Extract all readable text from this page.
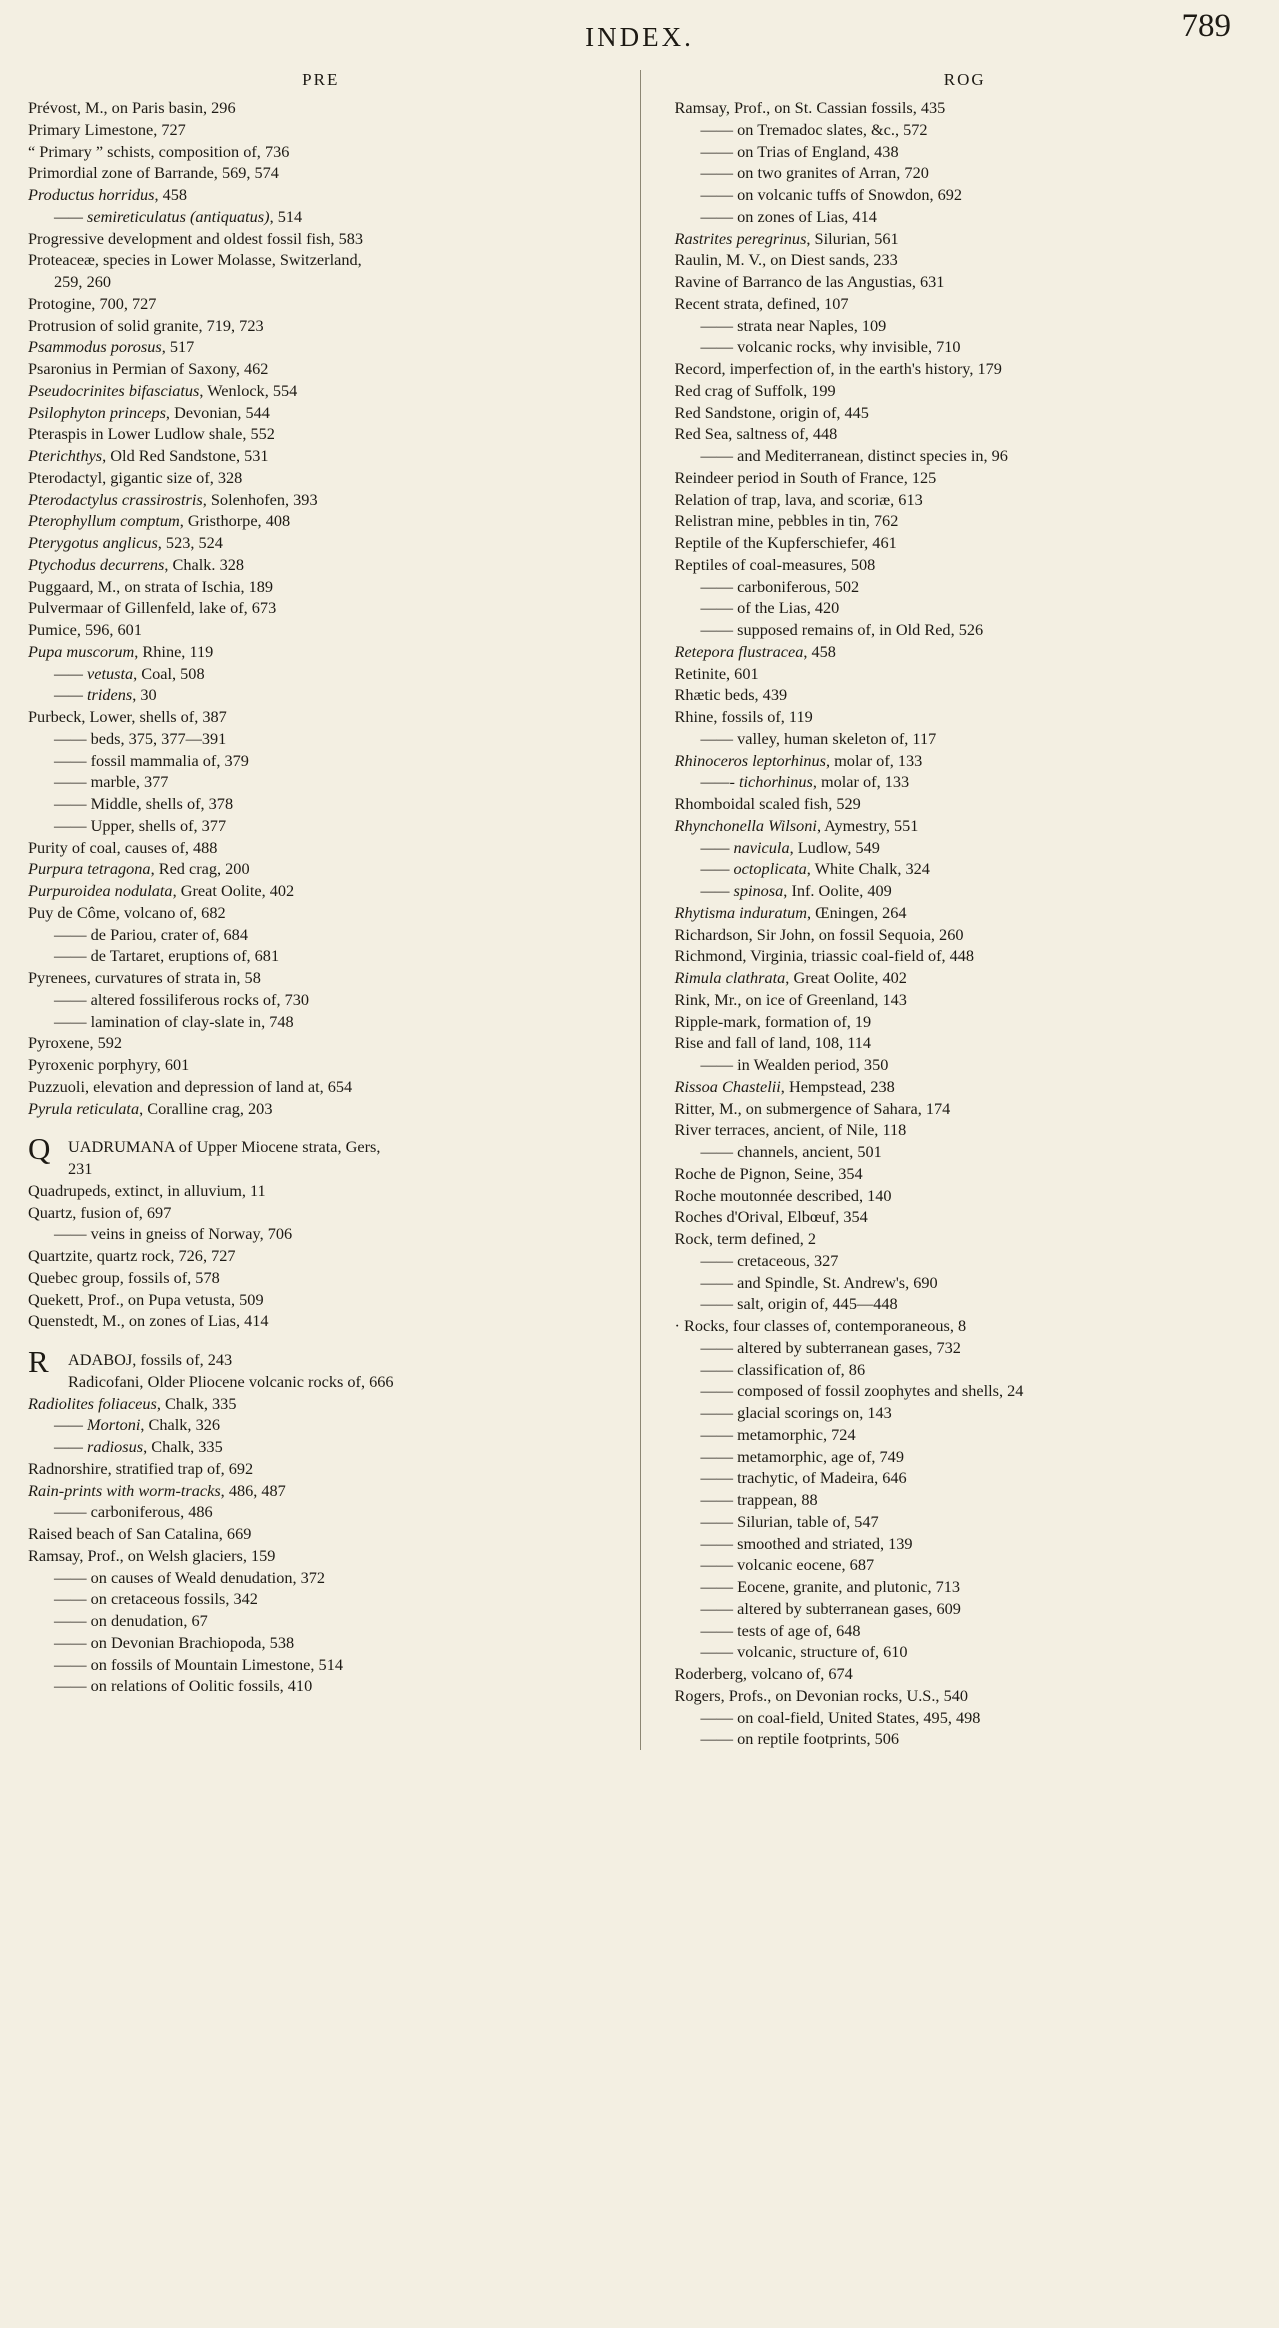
INDEX.	789
PRE
Prévost, M., on Paris basin, 296
Primary Limestone, 727
“ Primary ” schists, composition of, 736
Primordial zone of Barrande, 569, 574
Productus horridus, 458
—— semireticulatus (antiquatus), 514
Progressive development and oldest fossil fish, 583
Proteaceæ, species in Lower Molasse, Switzerland,
259, 260
Protogine, 700, 727
Protrusion of solid granite, 719, 723
Psammodus porosus, 517
Psaronius in Permian of Saxony, 462
Pseudocrinites bifasciatus, Wenlock, 554
Psilophyton princeps, Devonian, 544
Pteraspis in Lower Ludlow shale, 552
Pterichthys, Old Red Sandstone, 531
Pterodactyl, gigantic size of, 328
Pterodactylus crassirostris, Solenhofen, 393
Pterophyllum comptum, Gristhorpe, 408
Pterygotus anglicus, 523, 524
Ptychodus decurrens, Chalk. 328
Puggaard, M., on strata of Ischia, 189
Pulvermaar of Gillenfeld, lake of, 673
Pumice, 596, 601
Pupa muscorum, Rhine, 119
—— vetusta, Coal, 508
—— tridens, 30
Purbeck, Lower, shells of, 387
—— beds, 375, 377—391
—— fossil mammalia of, 379
—— marble, 377
—— Middle, shells of, 378
—— Upper, shells of, 377
Purity of coal, causes of, 488
Purpura tetragona, Red crag, 200
Purpuroidea nodulata, Great Oolite, 402
Puy de Côme, volcano of, 682
—— de Pariou, crater of, 684
—— de Tartaret, eruptions of, 681
Pyrenees, curvatures of strata in, 58
—— altered fossiliferous rocks of, 730
—— lamination of clay-slate in, 748
Pyroxene, 592
Pyroxenic porphyry, 601
Puzzuoli, elevation and depression of land at, 654
Pyrula reticulata, Coralline crag, 203
Q UADRUMANA of Upper Miocene strata, Gers,
231
Quadrupeds, extinct, in alluvium, 11
Quartz, fusion of, 697
—— veins in gneiss of Norway, 706
Quartzite, quartz rock, 726, 727
Quebec group, fossils of, 578
Quekett, Prof., on Pupa vetusta, 509
Quenstedt, M., on zones of Lias, 414
R ADABOJ, fossils of, 243
Radicofani, Older Pliocene volcanic rocks of, 666
Radiolites foliaceus, Chalk, 335
—— Mortoni, Chalk, 326
—— radiosus, Chalk, 335
Radnorshire, stratified trap of, 692
Rain-prints with worm-tracks, 486, 487
—— carboniferous, 486
Raised beach of San Catalina, 669
Ramsay, Prof., on Welsh glaciers, 159
—— on causes of Weald denudation, 372
—— on cretaceous fossils, 342
—— on denudation, 67
—— on Devonian Brachiopoda, 538
—— on fossils of Mountain Limestone, 514
—— on relations of Oolitic fossils, 410
ROG
Ramsay, Prof., on St. Cassian fossils, 435
—— on Tremadoc slates, &c., 572
—— on Trias of England, 438
—— on two granites of Arran, 720
—— on volcanic tuffs of Snowdon, 692
—— on zones of Lias, 414
Rastrites peregrinus, Silurian, 561
Raulin, M. V., on Diest sands, 233
Ravine of Barranco de las Angustias, 631
Recent strata, defined, 107
—— strata near Naples, 109
—— volcanic rocks, why invisible, 710
Record, imperfection of, in the earth's history, 179
Red crag of Suffolk, 199
Red Sandstone, origin of, 445
Red Sea, saltness of, 448
—— and Mediterranean, distinct species in, 96
Reindeer period in South of France, 125
Relation of trap, lava, and scoriæ, 613
Relistran mine, pebbles in tin, 762
Reptile of the Kupferschiefer, 461
Reptiles of coal-measures, 508
—— carboniferous, 502
—— of the Lias, 420
—— supposed remains of, in Old Red, 526
Retepora flustracea, 458
Retinite, 601
Rhætic beds, 439
Rhine, fossils of, 119
—— valley, human skeleton of, 117
Rhinoceros leptorhinus, molar of, 133
——- tichorhinus, molar of, 133
Rhomboidal scaled fish, 529
Rhynchonella Wilsoni, Aymestry, 551
—— navicula, Ludlow, 549
—— octoplicata, White Chalk, 324
—— spinosa, Inf. Oolite, 409
Rhytisma induratum, Œningen, 264
Richardson, Sir John, on fossil Sequoia, 260
Richmond, Virginia, triassic coal-field of, 448
Rimula clathrata, Great Oolite, 402
Rink, Mr., on ice of Greenland, 143
Ripple-mark, formation of, 19
Rise and fall of land, 108, 114
—— in Wealden period, 350
Rissoa Chastelii, Hempstead, 238
Ritter, M., on submergence of Sahara, 174
River terraces, ancient, of Nile, 118
—— channels, ancient, 501
Roche de Pignon, Seine, 354
Roche moutonnée described, 140
Roches d'Orival, Elbœuf, 354
Rock, term defined, 2
—— cretaceous, 327
—— and Spindle, St. Andrew's, 690
—— salt, origin of, 445—448
· Rocks, four classes of, contemporaneous, 8
—— altered by subterranean gases, 732
—— classification of, 86
—— composed of fossil zoophytes and shells, 24
—— glacial scorings on, 143
—— metamorphic, 724
—— metamorphic, age of, 749
—— trachytic, of Madeira, 646
—— trappean, 88
—— Silurian, table of, 547
—— smoothed and striated, 139
—— volcanic eocene, 687
—— Eocene, granite, and plutonic, 713
—— altered by subterranean gases, 609
—— tests of age of, 648
—— volcanic, structure of, 610
Roderberg, volcano of, 674
Rogers, Profs., on Devonian rocks, U.S., 540
—— on coal-field, United States, 495, 498
—— on reptile footprints, 506
